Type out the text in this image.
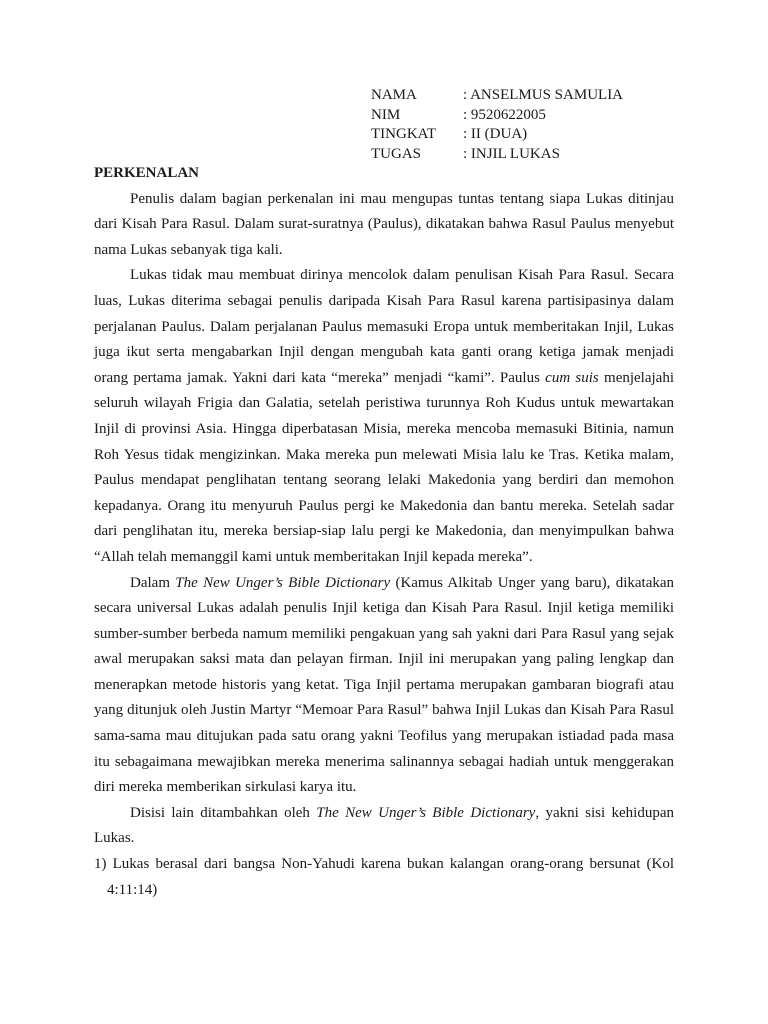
NAMA	: ANSELMUS SAMULIA
NIM	: 9520622005
TINGKAT	: II (DUA)
TUGAS	: INJIL LUKAS

PERKENALAN

Penulis dalam bagian perkenalan ini mau mengupas tuntas tentang siapa Lukas ditinjau dari Kisah Para Rasul. Dalam surat-suratnya (Paulus), dikatakan bahwa Rasul Paulus menyebut nama Lukas sebanyak tiga kali.

Lukas tidak mau membuat dirinya mencolok dalam penulisan Kisah Para Rasul. Secara luas, Lukas diterima sebagai penulis daripada Kisah Para Rasul karena partisipasinya dalam perjalanan Paulus. Dalam perjalanan Paulus memasuki Eropa untuk memberitakan Injil, Lukas juga ikut serta mengabarkan Injil dengan mengubah kata ganti orang ketiga jamak menjadi orang pertama jamak. Yakni dari kata “mereka” menjadi “kami”. Paulus cum suis menjelajahi seluruh wilayah Frigia dan Galatia, setelah peristiwa turunnya Roh Kudus untuk mewartakan Injil di provinsi Asia. Hingga diperbatasan Misia, mereka mencoba memasuki Bitinia, namun Roh Yesus tidak mengizinkan. Maka mereka pun melewati Misia lalu ke Tras. Ketika malam, Paulus mendapat penglihatan tentang seorang lelaki Makedonia yang berdiri dan memohon kepadanya. Orang itu menyuruh Paulus pergi ke Makedonia dan bantu mereka. Setelah sadar dari penglihatan itu, mereka bersiap-siap lalu pergi ke Makedonia, dan menyimpulkan bahwa “Allah telah memanggil kami untuk memberitakan Injil kepada mereka”.

Dalam The New Unger’s Bible Dictionary (Kamus Alkitab Unger yang baru), dikatakan secara universal Lukas adalah penulis Injil ketiga dan Kisah Para Rasul. Injil ketiga memiliki sumber-sumber berbeda namum memiliki pengakuan yang sah yakni dari Para Rasul yang sejak awal merupakan saksi mata dan pelayan firman. Injil ini merupakan yang paling lengkap dan menerapkan metode historis yang ketat. Tiga Injil pertama merupakan gambaran biografi atau yang ditunjuk oleh Justin Martyr “Memoar Para Rasul” bahwa Injil Lukas dan Kisah Para Rasul sama-sama mau ditujukan pada satu orang yakni Teofilus yang merupakan istiadad pada masa itu sebagaimana mewajibkan mereka menerima salinannya sebagai hadiah untuk menggerakan diri mereka memberikan sirkulasi karya itu.

Disisi lain ditambahkan oleh The New Unger’s Bible Dictionary, yakni sisi kehidupan Lukas.

1) Lukas berasal dari bangsa Non-Yahudi karena bukan kalangan orang-orang bersunat (Kol 4:11:14)
